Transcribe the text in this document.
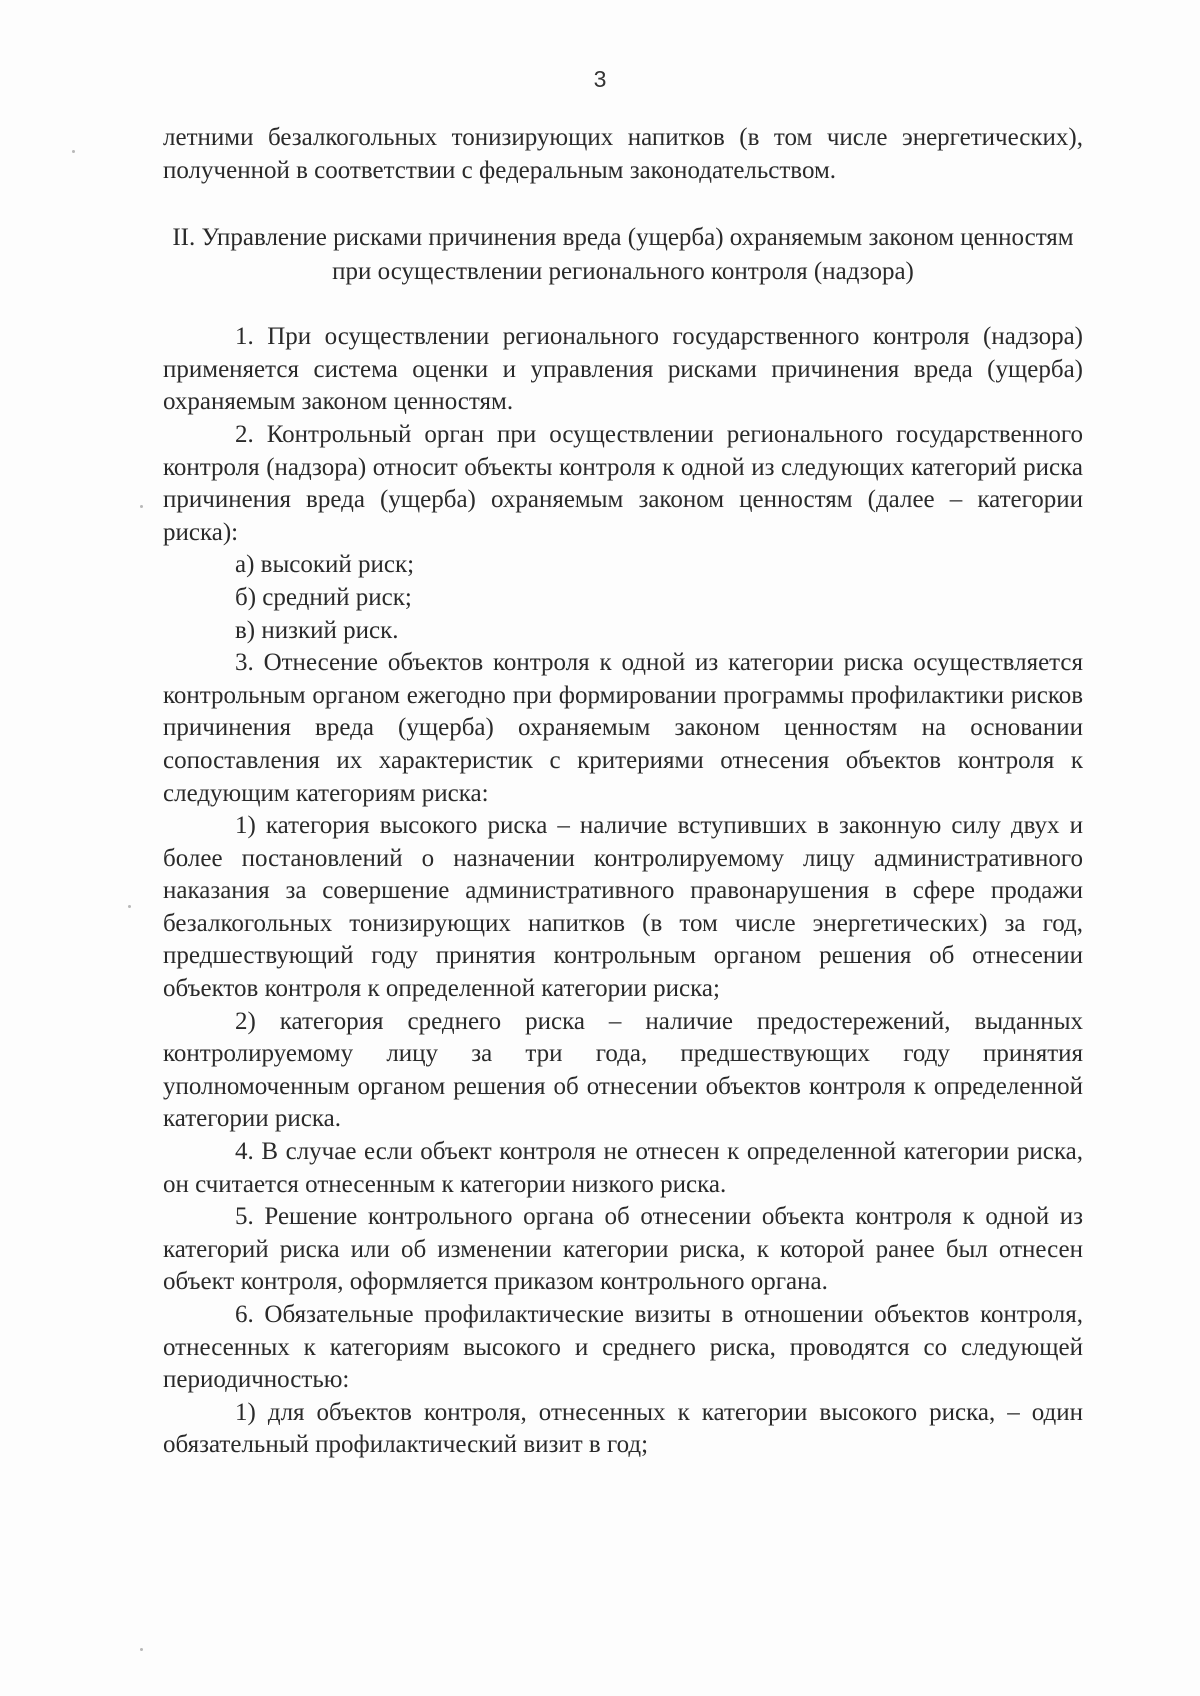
3

летними безалкогольных тонизирующих напитков (в том числе энергетических), полученной в соответствии с федеральным законодательством.

II. Управление рисками причинения вреда (ущерба) охраняемым законом ценностям при осуществлении регионального контроля (надзора)

1. При осуществлении регионального государственного контроля (надзора) применяется система оценки и управления рисками причинения вреда (ущерба) охраняемым законом ценностям.

2. Контрольный орган при осуществлении регионального государственного контроля (надзора) относит объекты контроля к одной из следующих категорий риска причинения вреда (ущерба) охраняемым законом ценностям (далее – категории риска):

а) высокий риск;

б) средний риск;

в) низкий риск.

3. Отнесение объектов контроля к одной из категории риска осуществляется контрольным органом ежегодно при формировании программы профилактики рисков причинения вреда (ущерба) охраняемым законом ценностям на основании сопоставления их характеристик с критериями отнесения объектов контроля к следующим категориям риска:

1) категория высокого риска – наличие вступивших в законную силу двух и более постановлений о назначении контролируемому лицу административного наказания за совершение административного правонарушения в сфере продажи безалкогольных тонизирующих напитков (в том числе энергетических) за год, предшествующий году принятия контрольным органом решения об отнесении объектов контроля к определенной категории риска;

2) категория среднего риска – наличие предостережений, выданных контролируемому лицу за три года, предшествующих году принятия уполномоченным органом решения об отнесении объектов контроля к определенной категории риска.

4. В случае если объект контроля не отнесен к определенной категории риска, он считается отнесенным к категории низкого риска.

5. Решение контрольного органа об отнесении объекта контроля к одной из категорий риска или об изменении категории риска, к которой ранее был отнесен объект контроля, оформляется приказом контрольного органа.

6. Обязательные профилактические визиты в отношении объектов контроля, отнесенных к категориям высокого и среднего риска, проводятся со следующей периодичностью:

1) для объектов контроля, отнесенных к категории высокого риска, – один обязательный профилактический визит в год;
